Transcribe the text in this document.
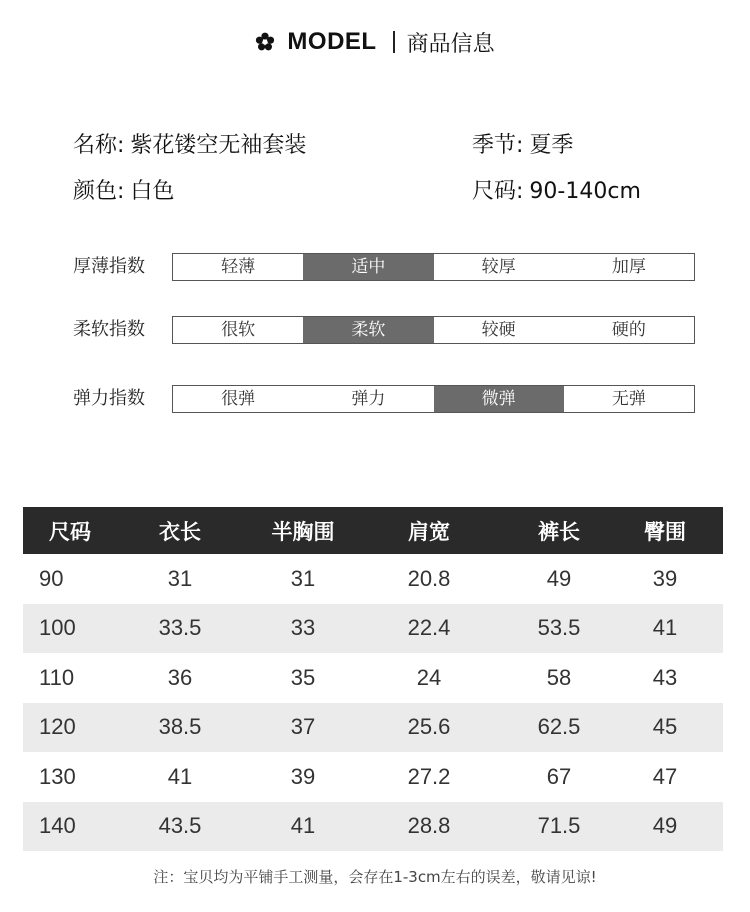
MODEL 商品信息
名称: 紫花镂空无袖套装	季节: 夏季
颜色: 白色	尺码: 90-140cm
厚薄指数	轻薄	适中	较厚	加厚
柔软指数	很软	柔软	较硬	硬的
弹力指数	很弹	弹力	微弹	无弹
尺码	衣长	半胸围	肩宽	裤长	臀围
90	31	31	20.8	49	39
100	33.5	33	22.4	53.5	41
110	36	35	24	58	43
120	38.5	37	25.6	62.5	45
130	41	39	27.2	67	47
140	43.5	41	28.8	71.5	49
注：宝贝均为平铺手工测量，会存在1-3cm左右的误差，敬请见谅!
